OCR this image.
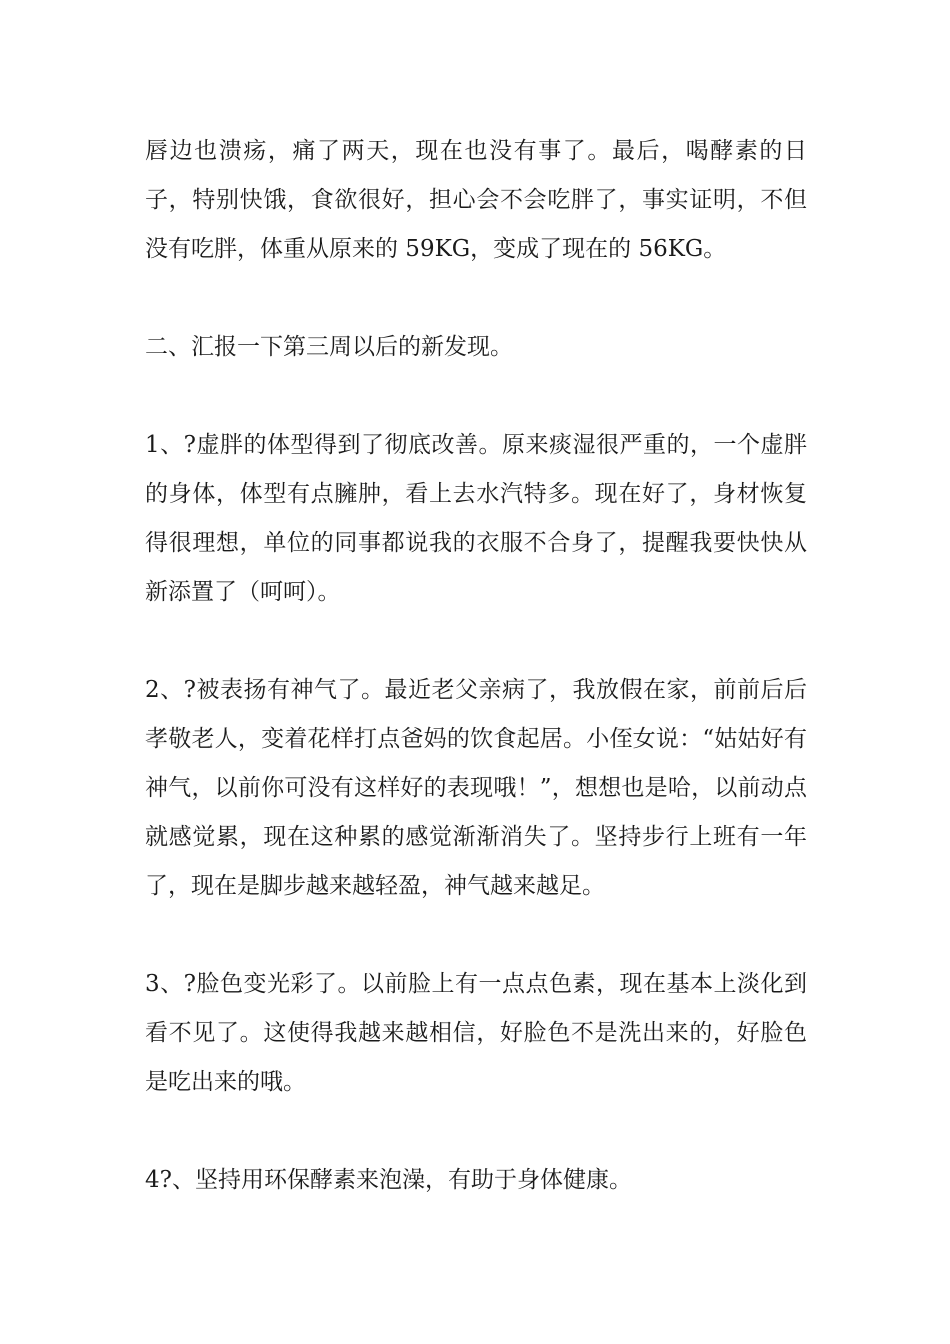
唇边也溃疡，痛了两天，现在也没有事了。最后，喝酵素的日子，特别快饿，食欲很好，担心会不会吃胖了，事实证明，不但没有吃胖，体重从原来的 59KG，变成了现在的 56KG。

二、汇报一下第三周以后的新发现。

1、?虚胖的体型得到了彻底改善。原来痰湿很严重的，一个虚胖的身体，体型有点臃肿，看上去水汽特多。现在好了，身材恢复得很理想，单位的同事都说我的衣服不合身了，提醒我要快快从新添置了（呵呵）。

2、?被表扬有神气了。最近老父亲病了，我放假在家，前前后后孝敬老人，变着花样打点爸妈的饮食起居。小侄女说：“姑姑好有神气，以前你可没有这样好的表现哦！”，想想也是哈，以前动点就感觉累，现在这种累的感觉渐渐消失了。坚持步行上班有一年了，现在是脚步越来越轻盈，神气越来越足。

3、?脸色变光彩了。以前脸上有一点点色素，现在基本上淡化到看不见了。这使得我越来越相信，好脸色不是洗出来的，好脸色是吃出来的哦。

4?、坚持用环保酵素来泡澡，有助于身体健康。
